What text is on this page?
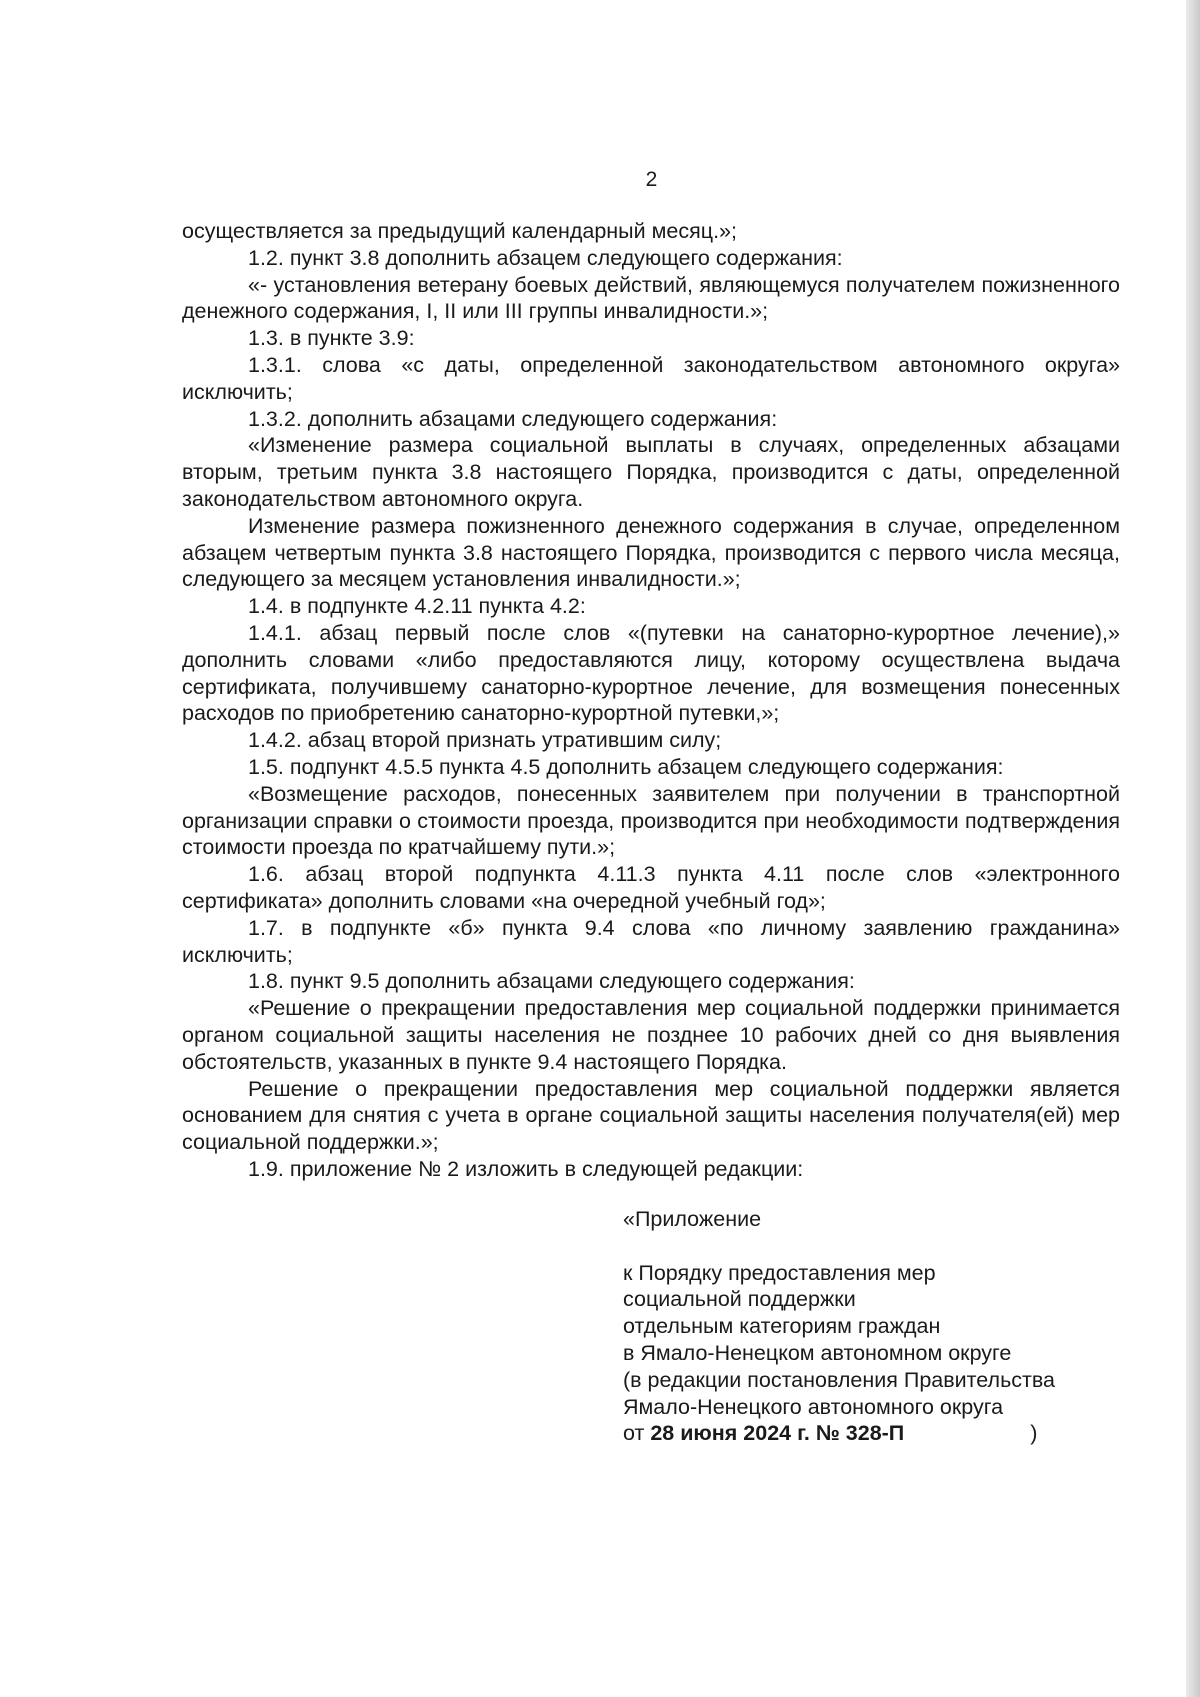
2

осуществляется за предыдущий календарный месяц.»;

1.2. пункт 3.8 дополнить абзацем следующего содержания:

«- установления ветерану боевых действий, являющемуся получателем пожизненного денежного содержания, I, II или III группы инвалидности.»;

1.3. в пункте 3.9:

1.3.1. слова «с даты, определенной законодательством автономного округа» исключить;

1.3.2. дополнить абзацами следующего содержания:

«Изменение размера социальной выплаты в случаях, определенных абзацами вторым, третьим пункта 3.8 настоящего Порядка, производится с даты, определенной законодательством автономного округа.

Изменение размера пожизненного денежного содержания в случае, определенном абзацем четвертым пункта 3.8 настоящего Порядка, производится с первого числа месяца, следующего за месяцем установления инвалидности.»;

1.4. в подпункте 4.2.11 пункта 4.2:

1.4.1. абзац первый после слов «(путевки на санаторно-курортное лечение),» дополнить словами «либо предоставляются лицу, которому осуществлена выдача сертификата, получившему санаторно-курортное лечение, для возмещения понесенных расходов по приобретению санаторно-курортной путевки,»;

1.4.2. абзац второй признать утратившим силу;

1.5. подпункт 4.5.5 пункта 4.5 дополнить абзацем следующего содержания:

«Возмещение расходов, понесенных заявителем при получении в транспортной организации справки о стоимости проезда, производится при необходимости подтверждения стоимости проезда по кратчайшему пути.»;

1.6. абзац второй подпункта 4.11.3 пункта 4.11 после слов «электронного сертификата» дополнить словами «на очередной учебный год»;

1.7. в подпункте «б» пункта 9.4 слова «по личному заявлению гражданина» исключить;

1.8. пункт 9.5 дополнить абзацами следующего содержания:

«Решение о прекращении предоставления мер социальной поддержки принимается органом социальной защиты населения не позднее 10 рабочих дней со дня выявления обстоятельств, указанных в пункте 9.4 настоящего Порядка.

Решение о прекращении предоставления мер социальной поддержки является основанием для снятия с учета в органе социальной защиты населения получателя(ей) мер социальной поддержки.»;

1.9. приложение № 2 изложить в следующей редакции:

«Приложение
к Порядку предоставления мер
социальной поддержки
отдельным категориям граждан
в Ямало-Ненецком автономном округе
(в редакции постановления Правительства
Ямало-Ненецкого автономного округа
от 28 июня 2024 г. № 328-П	)
